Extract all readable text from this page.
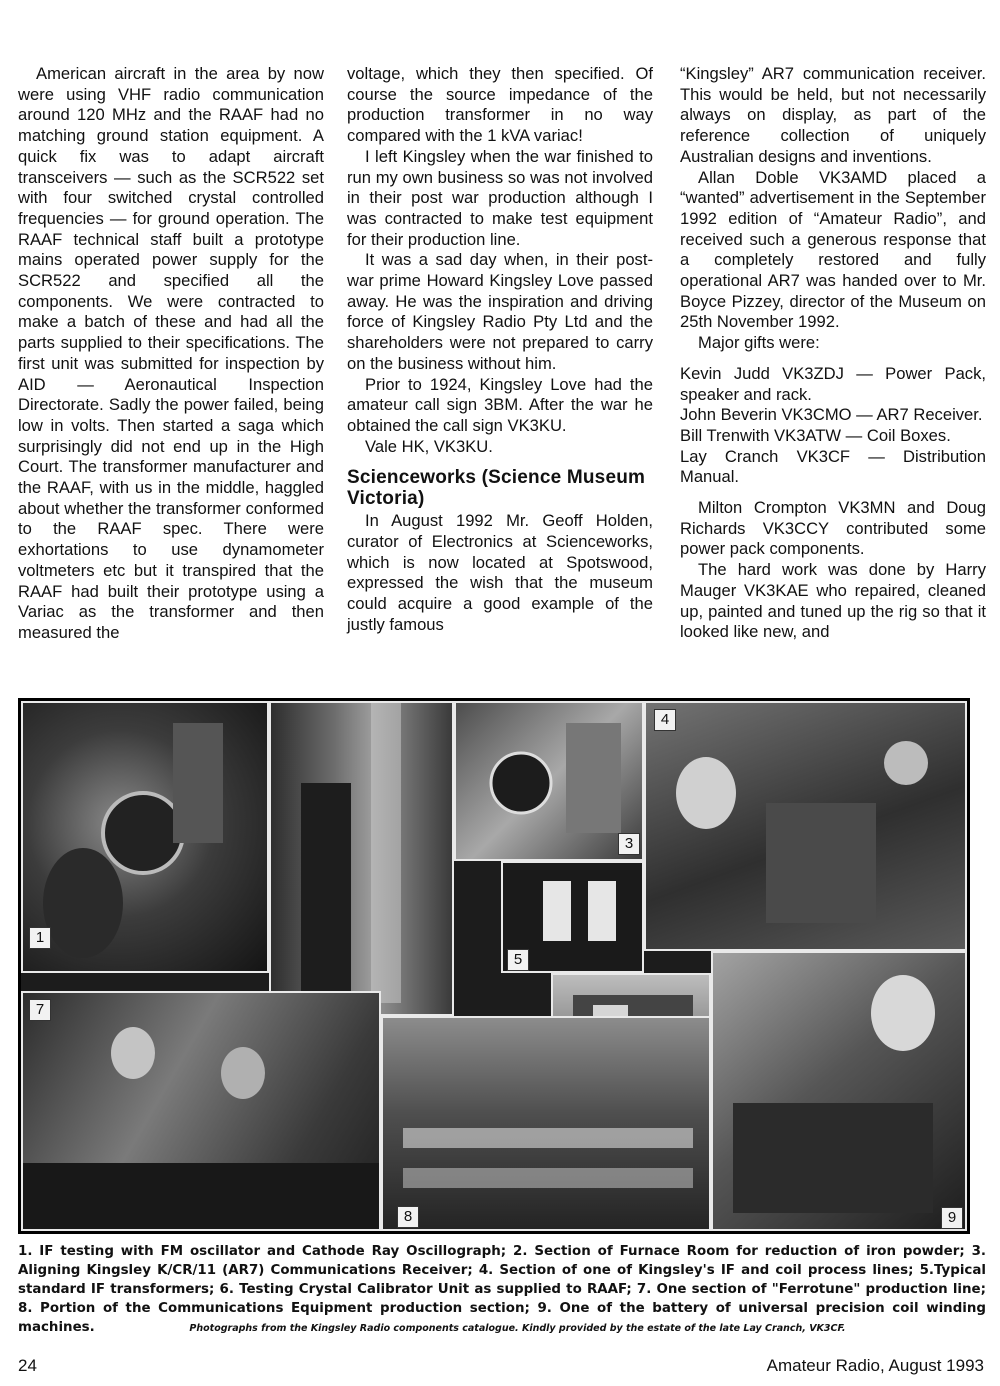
American aircraft in the area by now were using VHF radio communication around 120 MHz and the RAAF had no matching ground station equipment. A quick fix was to adapt aircraft transceivers — such as the SCR522 set with four switched crystal controlled frequencies — for ground operation. The RAAF technical staff built a prototype mains operated power supply for the SCR522 and specified all the components. We were contracted to make a batch of these and had all the parts supplied to their specifications. The first unit was submitted for inspection by AID — Aeronautical Inspection Directorate. Sadly the power failed, being low in volts. Then started a saga which surprisingly did not end up in the High Court. The transformer manufacturer and the RAAF, with us in the middle, haggled about whether the transformer conformed to the RAAF spec. There were exhortations to use dynamometer voltmeters etc but it transpired that the RAAF had built their prototype using a Variac as the transformer and then measured the

voltage, which they then specified. Of course the source impedance of the production transformer in no way compared with the 1 kVA variac!

I left Kingsley when the war finished to run my own business so was not involved in their post war production although I was contracted to make test equipment for their production line.

It was a sad day when, in their post-war prime Howard Kingsley Love passed away. He was the inspiration and driving force of Kingsley Radio Pty Ltd and the shareholders were not prepared to carry on the business without him.

Prior to 1924, Kingsley Love had the amateur call sign 3BM. After the war he obtained the call sign VK3KU.

Vale HK, VK3KU.

Scienceworks (Science Museum Victoria)

In August 1992 Mr. Geoff Holden, curator of Electronics at Scienceworks, which is now located at Spotswood, expressed the wish that the museum could acquire a good example of the justly famous

“Kingsley” AR7 communication receiver. This would be held, but not necessarily always on display, as part of the reference collection of uniquely Australian designs and inventions.

Allan Doble VK3AMD placed a “wanted” advertisement in the September 1992 edition of “Amateur Radio”, and received such a generous response that a completely restored and fully operational AR7 was handed over to Mr. Boyce Pizzey, director of the Museum on 25th November 1992.

Major gifts were:

Kevin Judd VK3ZDJ — Power Pack, speaker and rack.

John Beverin VK3CMO — AR7 Receiver.

Bill Trenwith VK3ATW — Coil Boxes.

Lay Cranch VK3CF — Distribution Manual.

Milton Crompton VK3MN and Doug Richards VK3CCY contributed some power pack components.

The hard work was done by Harry Mauger VK3KAE who repaired, cleaned up, painted and tuned up the rig so that it looked like new, and

1
3
4
5
7
8	9
1. IF testing with FM oscillator and Cathode Ray Oscillograph; 2. Section of Furnace Room for reduction of iron powder; 3. Aligning Kingsley K/CR/11 (AR7) Communications Receiver; 4. Section of one of Kingsley's IF and coil process lines; 5.Typical standard IF transformers; 6. Testing Crystal Calibrator Unit as supplied to RAAF; 7. One section of "Ferrotune" production line; 8. Portion of the Communications Equipment production section; 9. One of the battery of universal precision coil winding machines.	Photographs from the Kingsley Radio components catalogue. Kindly provided by the estate of the late Lay Cranch, VK3CF.
24	Amateur Radio, August 1993
